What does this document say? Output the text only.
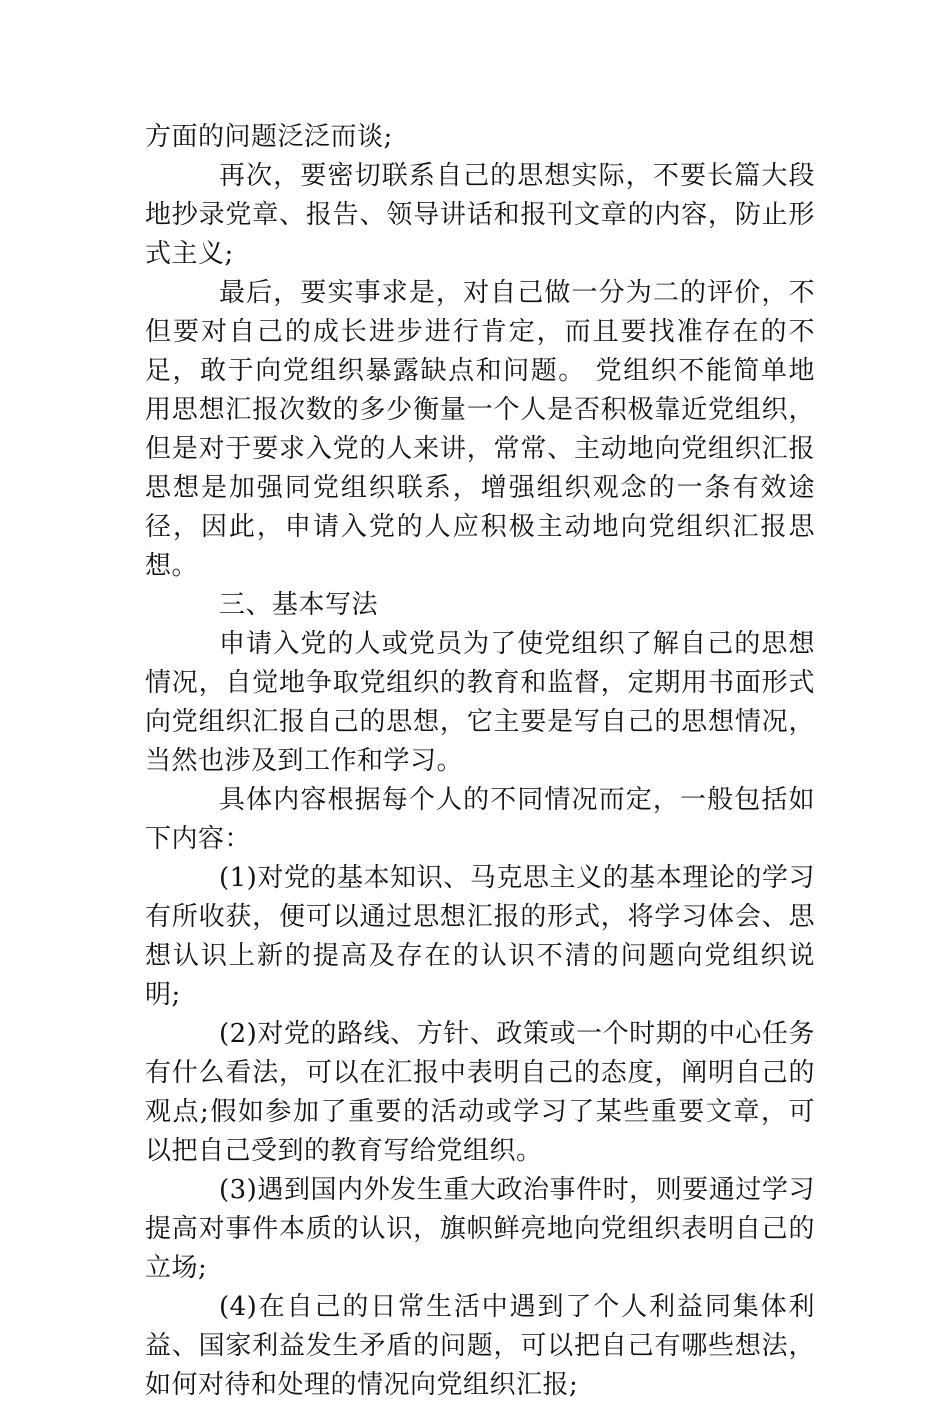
方面的问题泛泛而谈;

再次，要密切联系自己的思想实际，不要长篇大段地抄录党章、报告、领导讲话和报刊文章的内容，防止形式主义;

最后，要实事求是，对自己做一分为二的评价，不但要对自己的成长进步进行肯定，而且要找准存在的不足，敢于向党组织暴露缺点和问题。 党组织不能简单地用思想汇报次数的多少衡量一个人是否积极靠近党组织，但是对于要求入党的人来讲，常常、主动地向党组织汇报思想是加强同党组织联系，增强组织观念的一条有效途径，因此，申请入党的人应积极主动地向党组织汇报思想。

三、基本写法

申请入党的人或党员为了使党组织了解自己的思想情况，自觉地争取党组织的教育和监督，定期用书面形式向党组织汇报自己的思想，它主要是写自己的思想情况，当然也涉及到工作和学习。

具体内容根据每个人的不同情况而定，一般包括如下内容：

(1)对党的基本知识、马克思主义的基本理论的学习有所收获，便可以通过思想汇报的形式，将学习体会、思想认识上新的提高及存在的认识不清的问题向党组织说明;

(2)对党的路线、方针、政策或一个时期的中心任务有什么看法，可以在汇报中表明自己的态度，阐明自己的观点;假如参加了重要的活动或学习了某些重要文章，可以把自己受到的教育写给党组织。

(3)遇到国内外发生重大政治事件时，则要通过学习提高对事件本质的认识，旗帜鲜亮地向党组织表明自己的立场;

(4)在自己的日常生活中遇到了个人利益同集体利益、国家利益发生矛盾的问题，可以把自己有哪些想法，如何对待和处理的情况向党组织汇报;
